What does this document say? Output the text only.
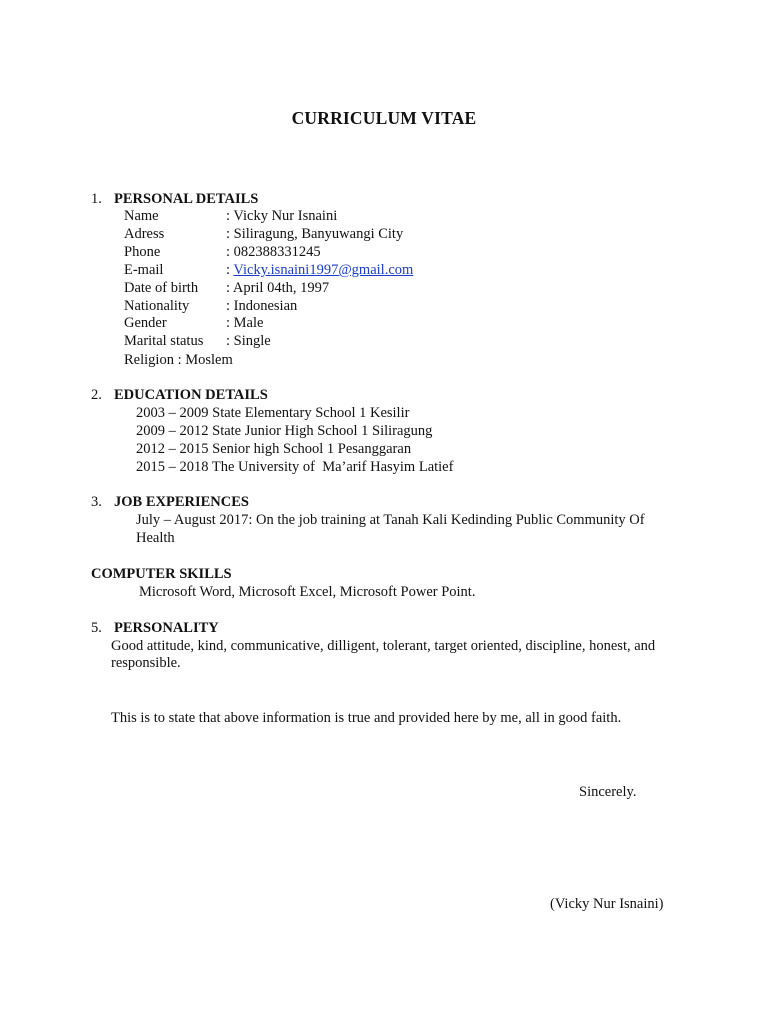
CURRICULUM VITAE
1. PERSONAL DETAILS
Name	: Vicky Nur Isnaini
Adress	: Siliragung, Banyuwangi City
Phone	: 082388331245
E-mail	: Vicky.isnaini1997@gmail.com
Date of birth : April 04th, 1997
Nationality	: Indonesian
Gender	: Male
Marital status : Single
Religion : Moslem
2. EDUCATION DETAILS
2003 – 2009 State Elementary School 1 Kesilir
2009 – 2012 State Junior High School 1 Siliragung
2012 – 2015 Senior high School 1 Pesanggaran
2015 – 2018 The University of  Ma’arif Hasyim Latief
3. JOB EXPERIENCES
July – August 2017: On the job training at Tanah Kali Kedinding Public Community Of
Health
COMPUTER SKILLS
Microsoft Word, Microsoft Excel, Microsoft Power Point.
5. PERSONALITY
Good attitude, kind, communicative, dilligent, tolerant, target oriented, discipline, honest, and
responsible.
This is to state that above information is true and provided here by me, all in good faith.
Sincerely.
(Vicky Nur Isnaini)
